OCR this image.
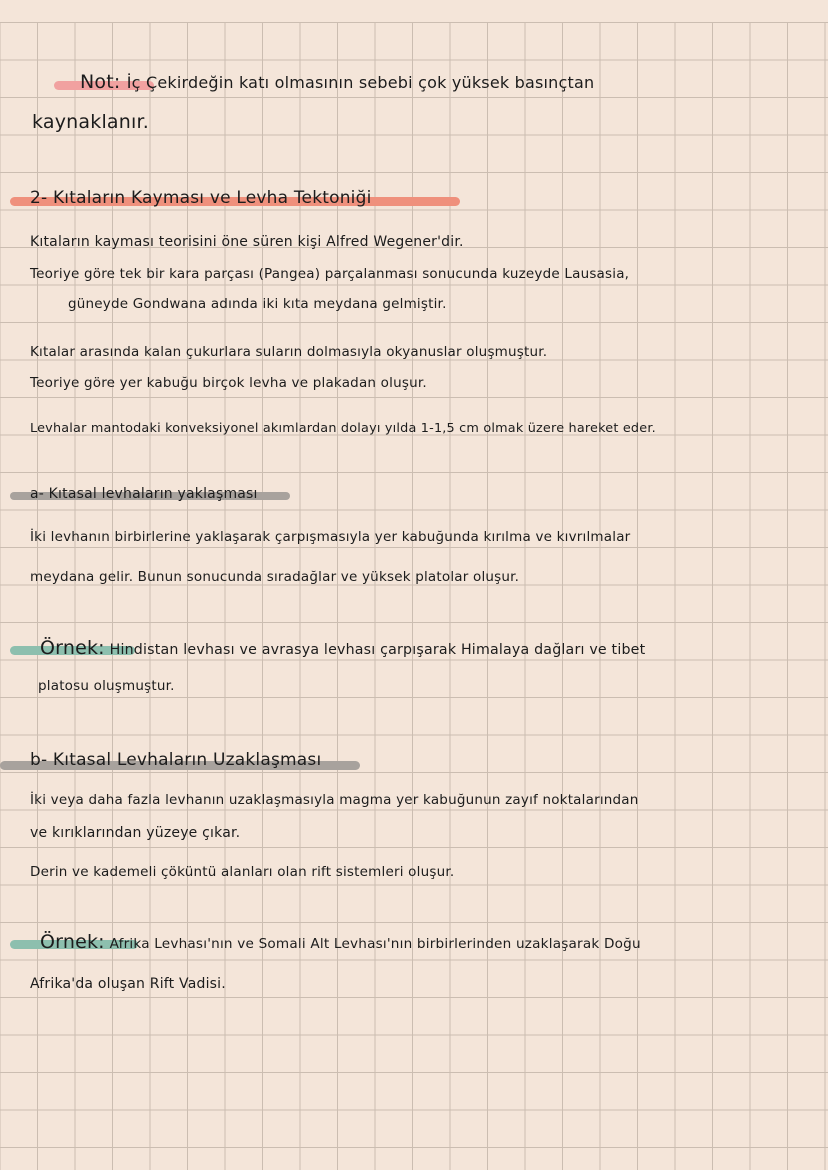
Not: İç Çekirdeğin katı olmasının sebebi çok yüksek basınçtan
kaynaklanır.
2- Kıtaların Kayması ve Levha Tektoniği
Kıtaların kayması teorisini öne süren kişi Alfred Wegener'dir.
Teoriye göre tek bir kara parçası (Pangea) parçalanması sonucunda kuzeyde Lausasia,
güneyde Gondwana adında iki kıta meydana gelmiştir.
Kıtalar arasında kalan çukurlara suların dolmasıyla okyanuslar oluşmuştur.
Teoriye göre yer kabuğu birçok levha ve plakadan oluşur.
Levhalar mantodaki konveksiyonel akımlardan dolayı yılda 1-1,5 cm olmak üzere hareket eder.
a- Kıtasal levhaların yaklaşması
İki levhanın birbirlerine yaklaşarak çarpışmasıyla yer kabuğunda kırılma ve kıvrılmalar
meydana gelir. Bunun sonucunda sıradağlar ve yüksek platolar oluşur.
Örnek: Hindistan levhası ve avrasya levhası çarpışarak Himalaya dağları ve tibet
platosu oluşmuştur.
b- Kıtasal Levhaların Uzaklaşması
İki veya daha fazla levhanın uzaklaşmasıyla magma yer kabuğunun zayıf noktalarından
ve kırıklarından yüzeye çıkar.
Derin ve kademeli çöküntü alanları olan rift sistemleri oluşur.
Örnek: Afrika Levhası'nın ve Somali Alt Levhası'nın birbirlerinden uzaklaşarak Doğu
Afrika'da oluşan Rift Vadisi.
